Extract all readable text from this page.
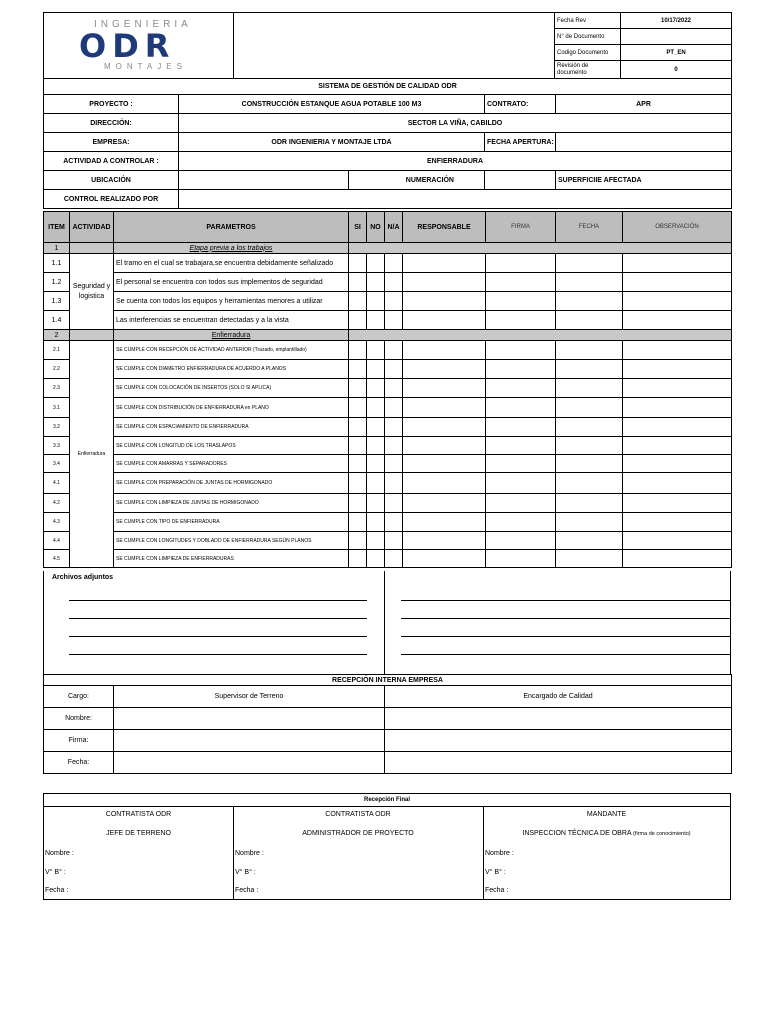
INGENIERIA
ODR
MONTAJES		Fecha Rev	10/17/2022
		N° de Documento	
		Codigo Documento	PT_EN
		Revisión de documento	0
SISTEMA DE GESTIÓN DE CALIDAD ODR				
PROYECTO :	CONSTRUCCIÓN ESTANQUE AGUA POTABLE 100 M3		CONTRATO:	APR
DIRECCIÓN:	SECTOR LA VIÑA, CABILDO			
EMPRESA:	ODR INGENIERIA Y MONTAJE LTDA		FECHA APERTURA:	
ACTIVIDAD A CONTROLAR :	ENFIERRADURA			
UBICACIÓN		NUMERACIÓN		SUPERFICIIE AFECTADA
CONTROL REALIZADO POR				
ITEM	ACTIVIDAD	PARAMETROS	SI	NO	N/A	RESPONSABLE	FIRMA	FECHA	OBSERVACIÓN
1		Etapa previa a los trabajos							
1.1	Seguridad y logistica	El tramo en el cual se trabajara,se encuentra debidamente señalizado							
1.2		El personal se encuentra con todos sus implementos de seguridad							
1.3		Se cuenta con todos los equipos y herramientas menores a utilizar							
1.4		Las interferencias se encuentran detectadas y a la vista							
2		Enfierradura							
2.1	Enfierradura	SE CUMPLE CON RECEPCIÓN DE ACTIVIDAD ANTERIOR (Trazado, emplantillado)							
2.2		SE CUMPLE CON DIAMETRO ENFIERRADURA DE ACUERDO A PLANOS							
2.3		SE CUMPLE CON COLOCACIÓN DE INSERTOS (SOLO SI APLICA)							
3.1		SE CUMPLE CON DISTRIBUCIÓN DE ENFIERRADURA en PLANO							
3.2		SE CUMPLE CON ESPACIAMIENTO DE ENFIERRADURA							
3.3		SE CUMPLE CON LONGITUD DE LOS TRASLAPOS							
3.4		SE CUMPLE CON AMARRAS Y SEPARADORES							
4.1		SE CUMPLE CON PREPARACIÓN DE JUNTAS DE HORMIGONADO							
4.2		SE CUMPLE CON LIMPIEZA DE JUNTAS DE HORMIGONADO							
4.3		SE CUMPLE CON TIPO DE ENFIERRADURA							
4.4		SE CUMPLE CON LONGITUDES Y DOBLADO DE ENFIERRADURA SEGÚN PLANOS							
4.5		SE CUMPLE CON LIMPIEZA DE ENFIERRADURAS							
Archivos adjuntos
RECEPCIÓN INTERNA EMPRESA		
Cargo:	Supervisor de Terreno	Encargado de Calidad
Nombre:		
Firma:		
Fecha:		
Recepción Final
CONTRATISTA ODR
JEFE DE TERRENO
Nombre :
V° B° :
Fecha :
CONTRATISTA ODR
ADMINISTRADOR DE PROYECTO
Nombre :
V° B° :
Fecha :
MANDANTE
INSPECCION TÉCNICA DE OBRA (firma de conocimiento)
Nombre :
V° B° :
Fecha :
